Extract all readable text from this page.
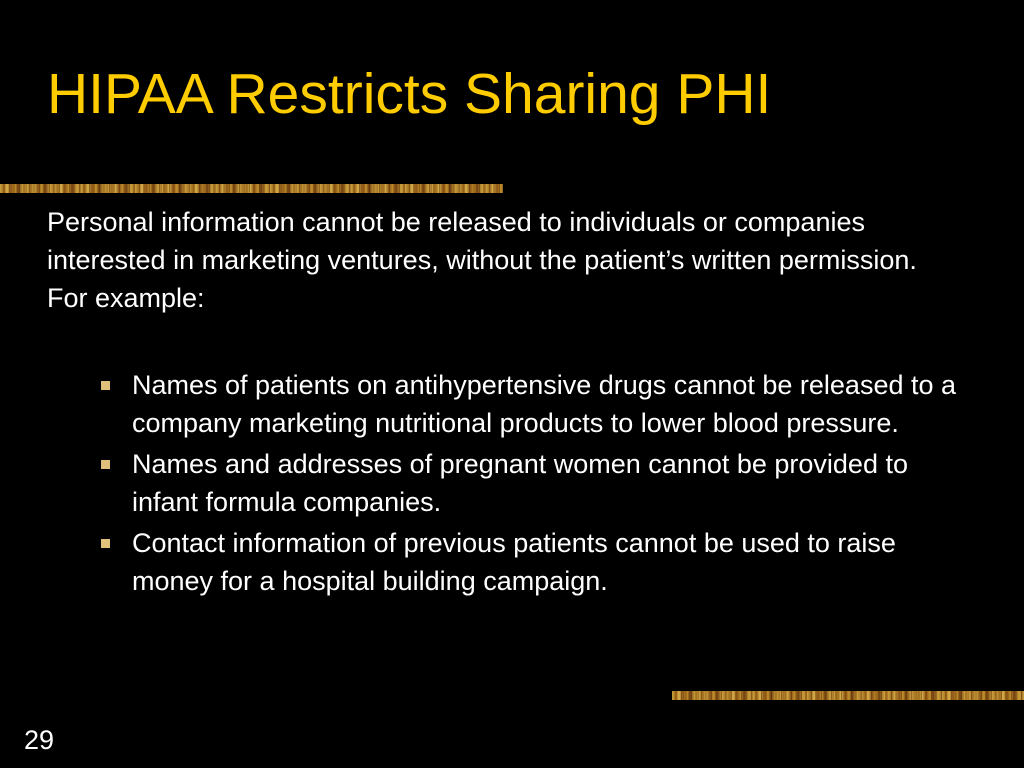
HIPAA Restricts Sharing PHI

Personal information cannot be released to individuals or companies interested in marketing ventures, without the patient’s written permission. For example:

Names of patients on antihypertensive drugs cannot be released to a company marketing nutritional products to lower blood pressure.
Names and addresses of pregnant women cannot be provided to infant formula companies.
Contact information of previous patients cannot be used to raise money for a hospital building campaign.
29
